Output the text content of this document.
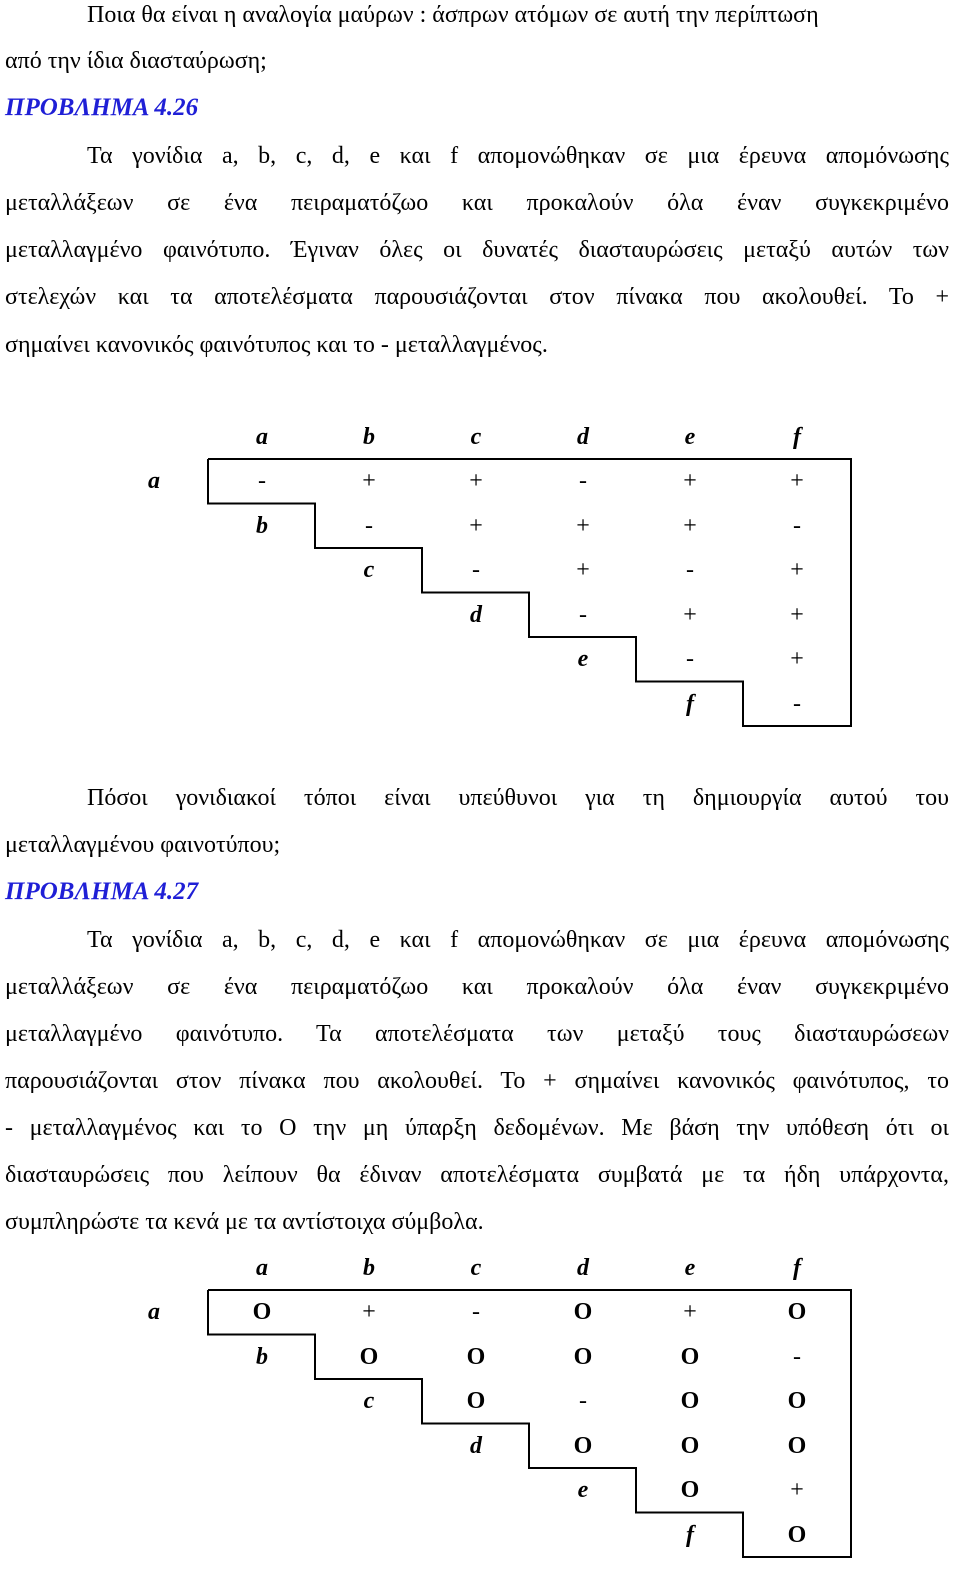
Ποια θα είναι η αναλογία μαύρων : άσπρων ατόμων σε αυτή την περίπτωση
από την ίδια διασταύρωση;
ΠΡΟΒΛΗΜΑ 4.26
Τα γονίδια a, b, c, d, e και f απομονώθηκαν σε μια έρευνα απομόνωσης
μεταλλάξεων σε ένα πειραματόζωο και προκαλούν όλα έναν συγκεκριμένο
μεταλλαγμένο φαινότυπο. Έγιναν όλες οι δυνατές διασταυρώσεις μεταξύ αυτών των
στελεχών και τα αποτελέσματα παρουσιάζονται στον πίνακα που ακολουθεί. Το +
σημαίνει κανονικός φαινότυπος και το - μεταλλαγμένος.
a	b	c	d	e	f
a	-	+	+	-	+	+
b	-	+	+	+	-
c	-	+	-	+
d	-	+	+
e	-	+
f	-
Πόσοι γονιδιακοί τόποι είναι υπεύθυνοι για τη δημιουργία αυτού του
μεταλλαγμένου φαινοτύπου;
ΠΡΟΒΛΗΜΑ 4.27
Τα γονίδια a, b, c, d, e και f απομονώθηκαν σε μια έρευνα απομόνωσης
μεταλλάξεων σε ένα πειραματόζωο και προκαλούν όλα έναν συγκεκριμένο
μεταλλαγμένο φαινότυπο. Τα αποτελέσματα των μεταξύ τους διασταυρώσεων
παρουσιάζονται στον πίνακα που ακολουθεί. Το + σημαίνει κανονικός φαινότυπος, το
- μεταλλαγμένος και το Ο την μη ύπαρξη δεδομένων. Με βάση την υπόθεση ότι οι
διασταυρώσεις που λείπουν θα έδιναν αποτελέσματα συμβατά με τα ήδη υπάρχοντα,
συμπληρώστε τα κενά με τα αντίστοιχα σύμβολα.
a	b	c	d	e	f
a	O	+	-	O	+	O
b	O	O	O	O	-
c	O	-	O	O
d	O	O	O
e	O	+
f	O
